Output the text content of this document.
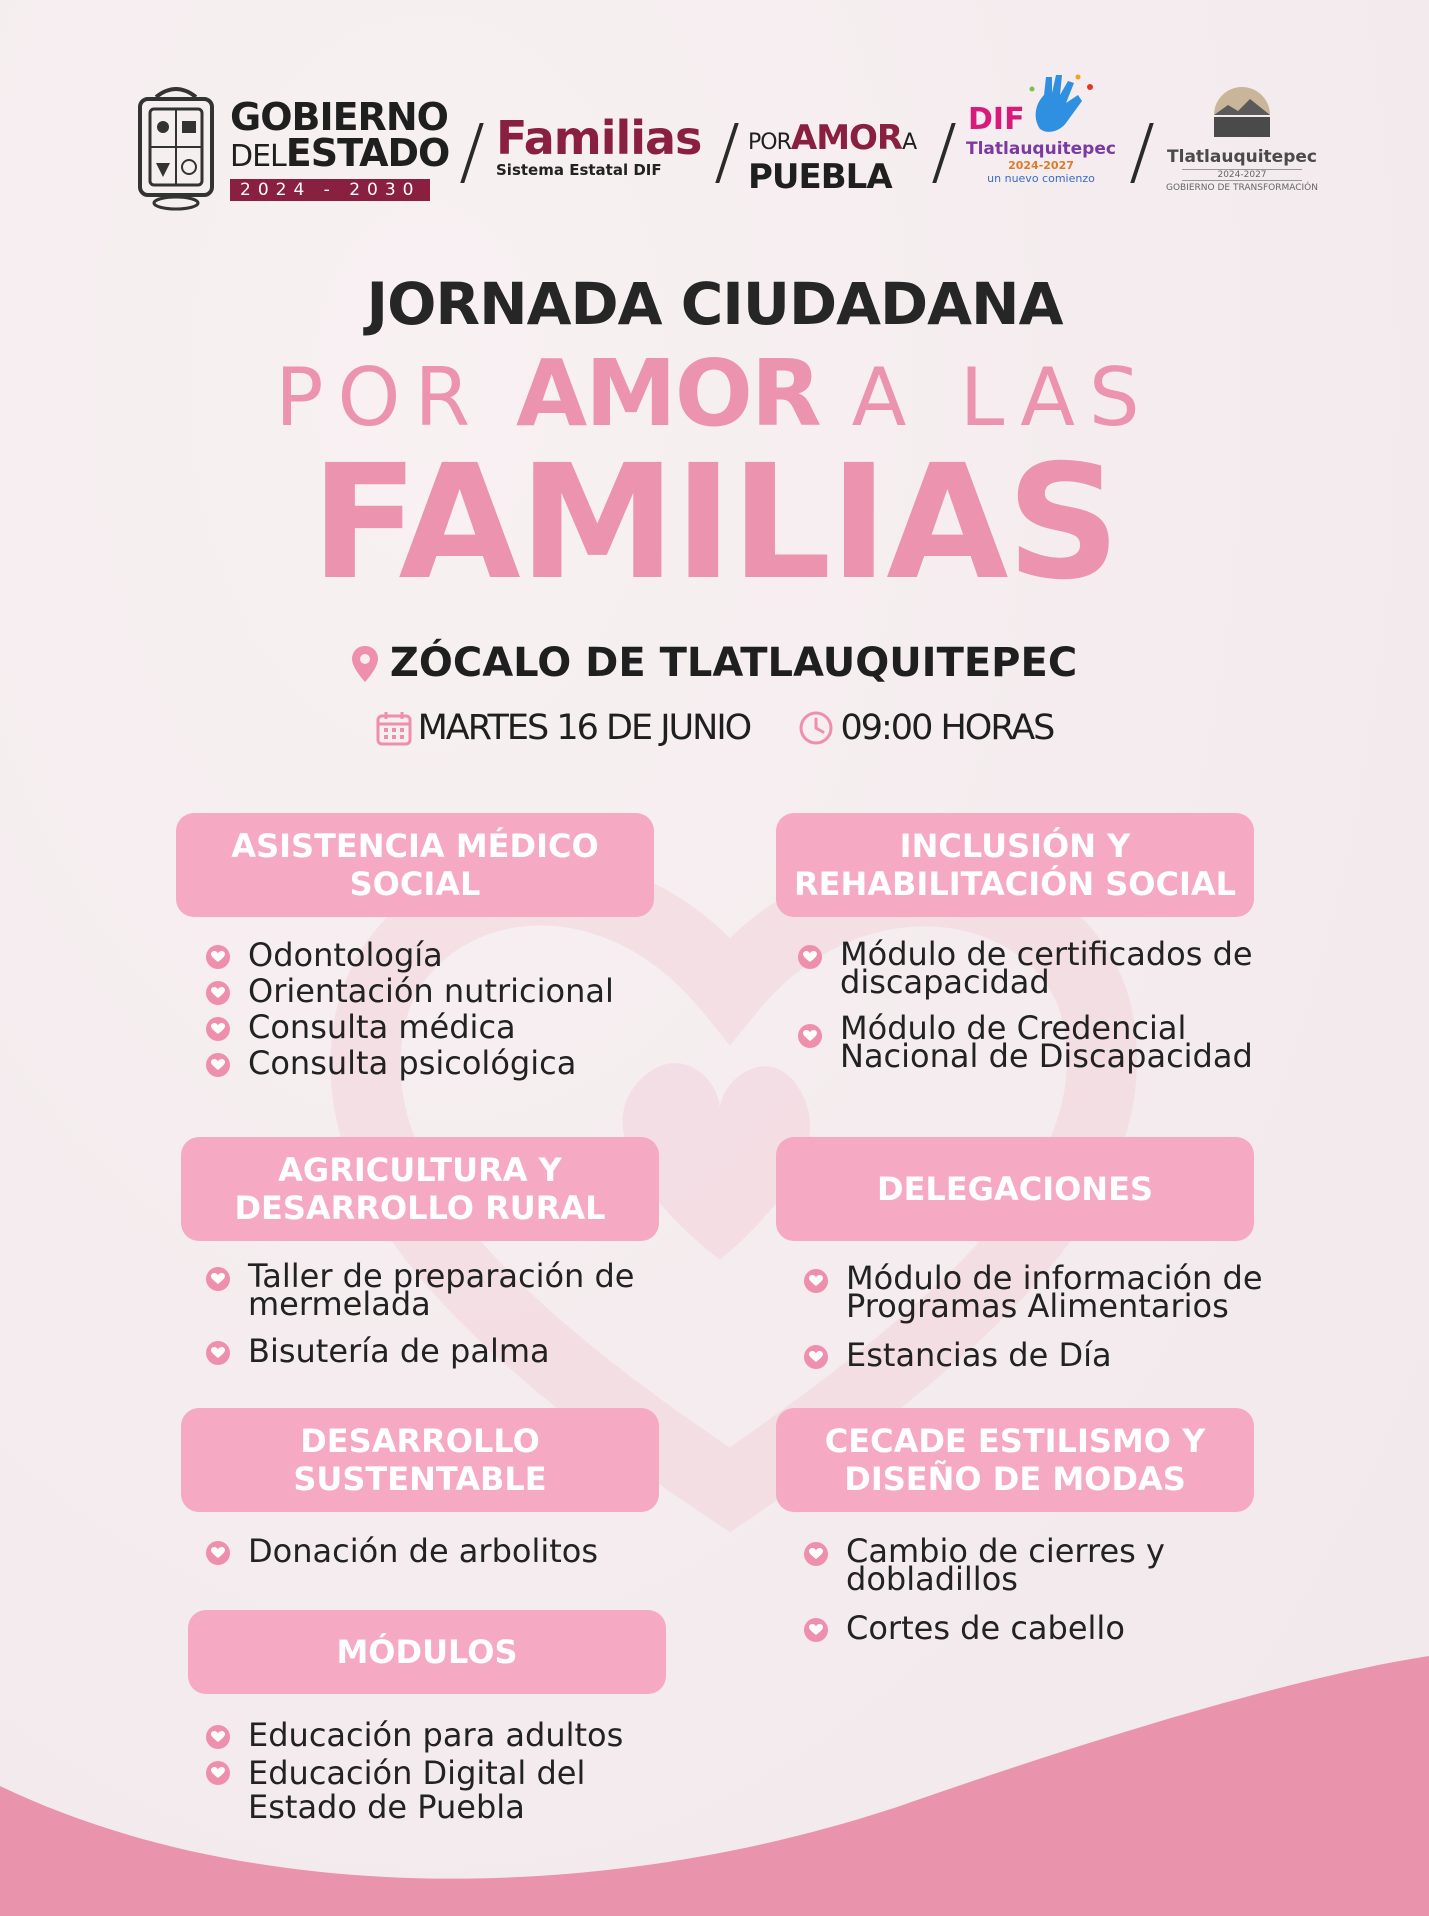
GOBIERNO
DELESTADO
2024 - 2030
Familias
Sistema Estatal DIF
PORAMORA
PUEBLA
DIF
Tlatlauquitepec
2024-2027
un nuevo comienzo
Tlatlauquitepec
2024-2027
GOBIERNO DE TRANSFORMACIÓN
JORNADA CIUDADANA
POR AMOR A LAS
FAMILIAS
ZÓCALO DE TLATLAUQUITEPEC
MARTES 16 DE JUNIO	09:00 HORAS
ASISTENCIA MÉDICO SOCIAL
Odontología
Orientación nutricional
Consulta médica
Consulta psicológica
INCLUSIÓN Y REHABILITACIÓN SOCIAL
Módulo de certificados de discapacidad
Módulo de Credencial Nacional de Discapacidad
AGRICULTURA Y DESARROLLO RURAL
Taller de preparación de mermelada
Bisutería de palma
DELEGACIONES
Módulo de información de Programas Alimentarios
Estancias de Día
DESARROLLO SUSTENTABLE
Donación de arbolitos
CECADE ESTILISMO Y DISEÑO DE MODAS
Cambio de cierres y dobladillos
Cortes de cabello
MÓDULOS
Educación para adultos
Educación Digital del Estado de Puebla
